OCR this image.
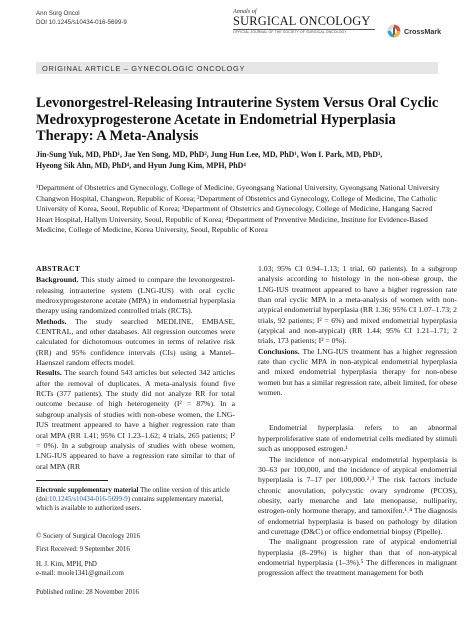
Ann Surg Oncol
DOI 10.1245/s10434-016-5699-9
Annals of
SURGICAL ONCOLOGY
OFFICIAL JOURNAL OF THE SOCIETY OF SURGICAL ONCOLOGY	CrossMark
ORIGINAL ARTICLE – GYNECOLOGIC ONCOLOGY
Levonorgestrel-Releasing Intrauterine System Versus Oral Cyclic Medroxyprogesterone Acetate in Endometrial Hyperplasia Therapy: A Meta-Analysis
Jin-Sung Yuk, MD, PhD¹, Jae Yen Song, MD, PhD², Jung Hun Lee, MD, PhD¹, Won I. Park, MD, PhD³,
Hyeong Sik Ahn, MD, PhD⁴, and Hyun Jung Kim, MPH, PhD⁴
¹Department of Obstetrics and Gynecology, College of Medicine, Gyeongsang National University, Gyeongsang National University Changwon Hospital, Changwon, Republic of Korea; ²Department of Obstetrics and Gynecology, College of Medicine, The Catholic University of Korea, Seoul, Republic of Korea; ³Department of Obstetrics and Gynecology, College of Medicine, Hangang Sacred Heart Hospital, Hallym University, Seoul, Republic of Korea; ⁴Department of Preventive Medicine, Institute for Evidence-Based Medicine, College of Medicine, Korea University, Seoul, Republic of Korea
ABSTRACT
Background. This study aimed to compare the levonorgestrel-releasing intrauterine system (LNG-IUS) with oral cyclic medroxyprogesterone acetate (MPA) in endometrial hyperplasia therapy using randomized controlled trials (RCTs).
Methods. The study searched MEDLINE, EMBASE, CENTRAL, and other databases. All regression outcomes were calculated for dichotomous outcomes in terms of relative risk (RR) and 95% confidence intervals (CIs) using a Mantel–Haenszel random effects model.
Results. The search found 543 articles but selected 342 articles after the removal of duplicates. A meta-analysis found five RCTs (377 patients). The study did not analyze RR for total outcome because of high heterogeneity (I² = 87%). In a subgroup analysis of studies with non-obese women, the LNG-IUS treatment appeared to have a higher regression rate than oral MPA (RR 1.41; 95% CI 1.23–1.62; 4 trials, 265 patients; I² = 0%). In a subgroup analysis of studies with obese women, LNG-IUS appeared to have a regression rate similar to that of oral MPA (RR
Electronic supplementary material The online version of this article (doi:10.1245/s10434-016-5699-9) contains supplementary material, which is available to authorized users.
© Society of Surgical Oncology 2016
First Received: 9 September 2016
H. J. Kim, MPH, PhD
e-mail: moole1341@gmail.com
Published online: 28 November 2016
1.03; 95% CI 0.94–1.13; 1 trial, 60 patients). In a subgroup analysis according to histology in the non-obese group, the LNG-IUS treatment appeared to have a higher regression rate than oral cyclic MPA in a meta-analysis of women with non-atypical endometrial hyperplasia (RR 1.36; 95% CI 1.07–1.73; 2 trials, 92 patients; I² = 6%) and mixed endometrial hyperplasia (atypical and non-atypical) (RR 1.44; 95% CI 1.21–1.71; 2 trials, 173 patients; I² = 0%).
Conclusions. The LNG-IUS treatment has a higher regression rate than cyclic MPA in non-atypical endometrial hyperplasia and mixed endometrial hyperplasia therapy for non-obese women but has a similar regression rate, albeit limited, for obese women.
Endometrial hyperplasia refers to an abnormal hyperproliferative state of endometrial cells mediated by stimuli such as unopposed estrogen.¹
The incidence of non-atypical endometrial hyperplasia is 30–63 per 100,000, and the incidence of atypical endometrial hyperplasia is 7–17 per 100,000.²˒³ The risk factors include chronic anovulation, polycystic ovary syndrome (PCOS), obesity, early menarche and late menopause, nulliparity, estrogen-only hormone therapy, and tamoxifen.¹˒⁴ The diagnosis of endometrial hyperplasia is based on pathology by dilation and curettage (D&C) or office endometrial biopsy (Pipelle).
The malignant progression rate of atypical endometrial hyperplasia (8–29%) is higher than that of non-atypical endometrial hyperplasia (1–3%).⁵ The differences in malignant progression affect the treatment management for both
